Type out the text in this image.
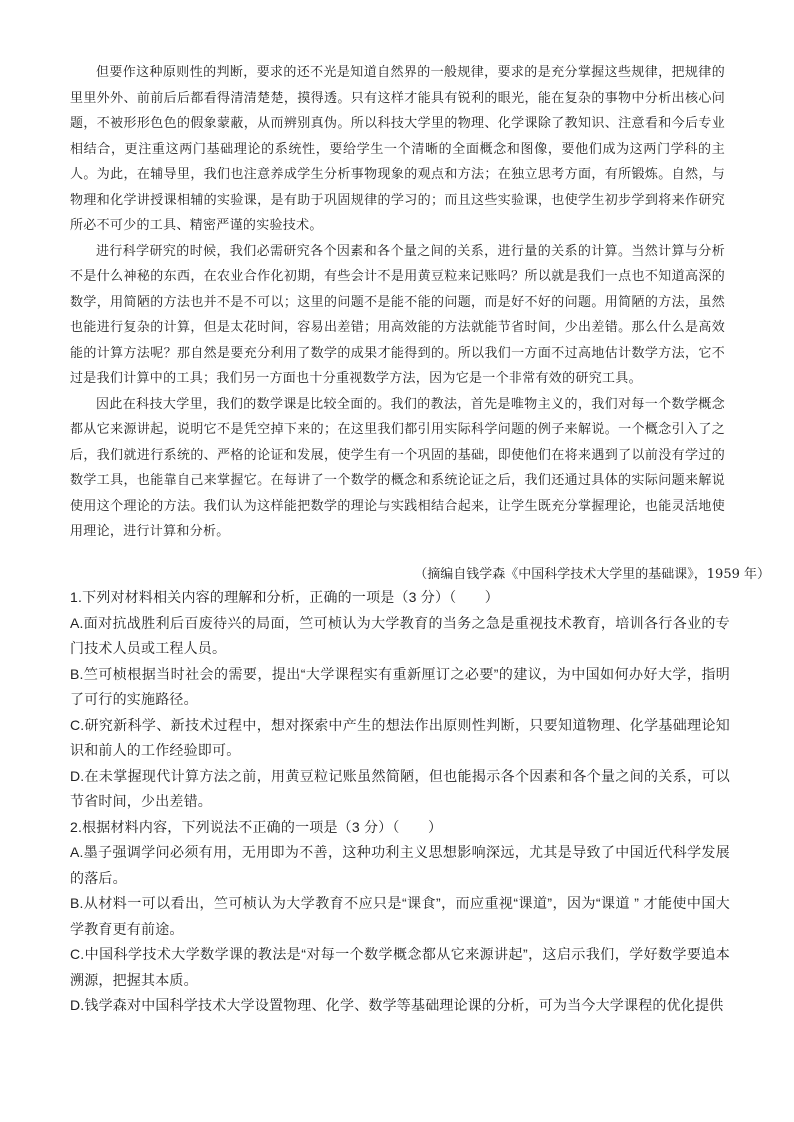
但要作这种原则性的判断，要求的还不光是知道自然界的一般规律，要求的是充分掌握这些规律，把规律的里里外外、前前后后都看得清清楚楚，摸得透。只有这样才能具有锐利的眼光，能在复杂的事物中分析出核心问题，不被形形色色的假象蒙蔽，从而辨别真伪。所以科技大学里的物理、化学课除了教知识、注意看和今后专业相结合，更注重这两门基础理论的系统性，要给学生一个清晰的全面概念和图像，要他们成为这两门学科的主人。为此，在辅导里，我们也注意养成学生分析事物现象的观点和方法；在独立思考方面，有所锻炼。自然，与物理和化学讲授课相辅的实验课，是有助于巩固规律的学习的；而且这些实验课，也使学生初步学到将来作研究所必不可少的工具、精密严谨的实验技术。

进行科学研究的时候，我们必需研究各个因素和各个量之间的关系，进行量的关系的计算。当然计算与分析不是什么神秘的东西，在农业合作化初期，有些会计不是用黄豆粒来记账吗？所以就是我们一点也不知道高深的数学，用简陋的方法也并不是不可以；这里的问题不是能不能的问题，而是好不好的问题。用简陋的方法，虽然也能进行复杂的计算，但是太花时间，容易出差错；用高效能的方法就能节省时间，少出差错。那么什么是高效能的计算方法呢？那自然是要充分利用了数学的成果才能得到的。所以我们一方面不过高地估计数学方法，它不过是我们计算中的工具；我们另一方面也十分重视数学方法，因为它是一个非常有效的研究工具。

因此在科技大学里，我们的数学课是比较全面的。我们的教法，首先是唯物主义的，我们对每一个数学概念都从它来源讲起，说明它不是凭空掉下来的；在这里我们都引用实际科学问题的例子来解说。一个概念引入了之后，我们就进行系统的、严格的论证和发展，使学生有一个巩固的基础，即使他们在将来遇到了以前没有学过的数学工具，也能靠自己来掌握它。在每讲了一个数学的概念和系统论证之后，我们还通过具体的实际问题来解说使用这个理论的方法。我们认为这样能把数学的理论与实践相结合起来，让学生既充分掌握理论，也能灵活地使用理论，进行计算和分析。

（摘编自钱学森《中国科学技术大学里的基础课》，1959 年）

1.下列对材料相关内容的理解和分析，正确的一项是（3 分）（　　）

A.面对抗战胜利后百废待兴的局面，竺可桢认为大学教育的当务之急是重视技术教育，培训各行各业的专门技术人员或工程人员。

B.竺可桢根据当时社会的需要，提出“大学课程实有重新厘订之必要”的建议，为中国如何办好大学，指明了可行的实施路径。

C.研究新科学、新技术过程中，想对探索中产生的想法作出原则性判断，只要知道物理、化学基础理论知识和前人的工作经验即可。

D.在未掌握现代计算方法之前，用黄豆粒记账虽然简陋，但也能揭示各个因素和各个量之间的关系，可以节省时间，少出差错。

2.根据材料内容，下列说法不正确的一项是（3 分）（　　）

A.墨子强调学问必须有用，无用即为不善，这种功利主义思想影响深远，尤其是导致了中国近代科学发展的落后。

B.从材料一可以看出，竺可桢认为大学教育不应只是“课食”，而应重视“课道”，因为“课道 ” 才能使中国大学教育更有前途。

C.中国科学技术大学数学课的教法是“对每一个数学概念都从它来源讲起”，这启示我们，学好数学要追本溯源，把握其本质。

D.钱学森对中国科学技术大学设置物理、化学、数学等基础理论课的分析，可为当今大学课程的优化提供
